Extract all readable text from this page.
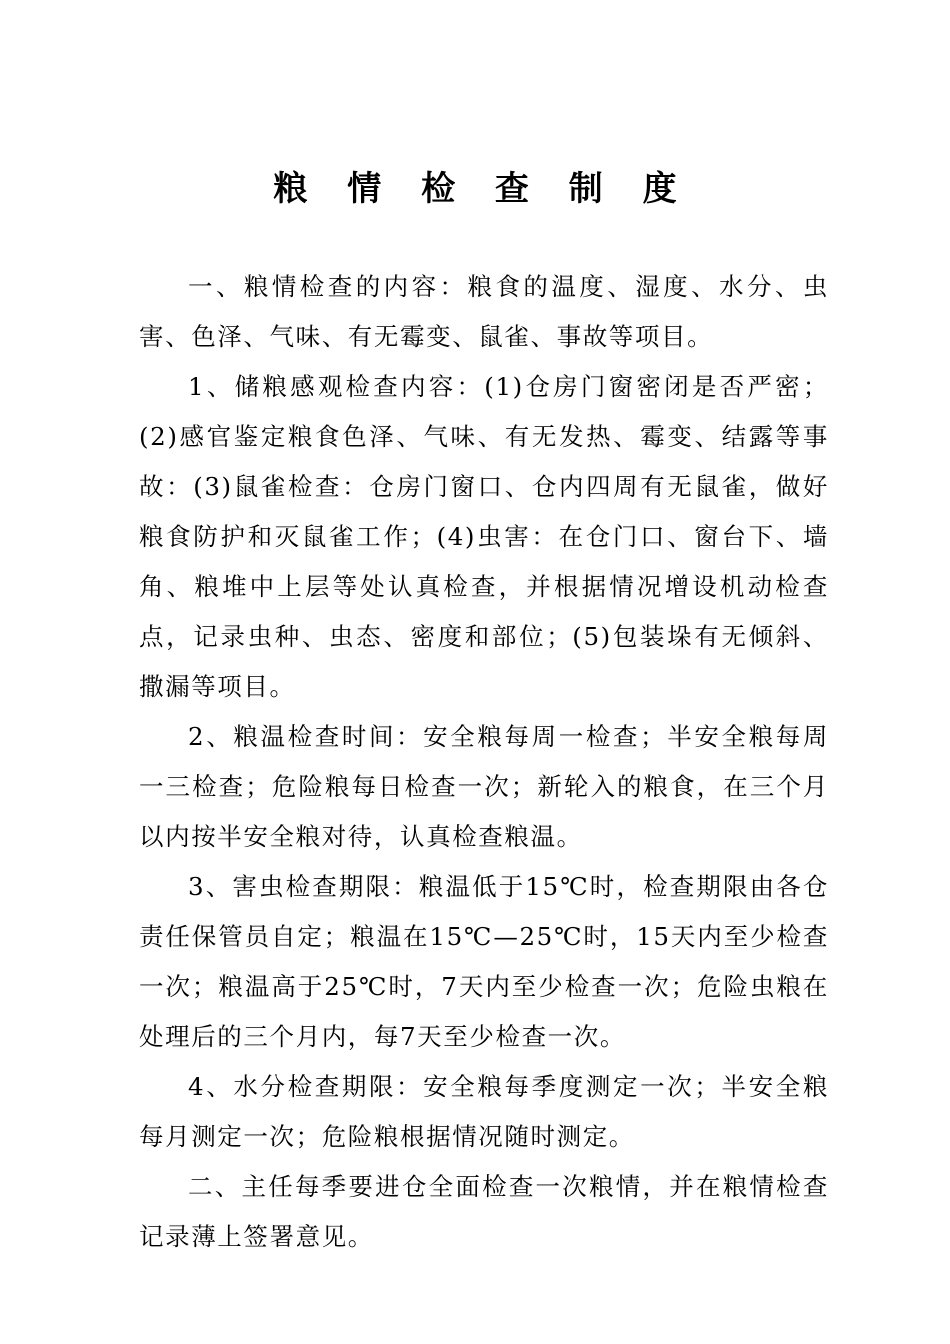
粮 情 检 查 制 度

一、粮情检查的内容：粮食的温度、湿度、水分、虫害、色泽、气味、有无霉变、鼠雀、事故等项目。

1、储粮感观检查内容：(1)仓房门窗密闭是否严密；(2)感官鉴定粮食色泽、气味、有无发热、霉变、结露等事故：(3)鼠雀检查：仓房门窗口、仓内四周有无鼠雀，做好粮食防护和灭鼠雀工作；(4)虫害：在仓门口、窗台下、墙角、粮堆中上层等处认真检查，并根据情况增设机动检查点，记录虫种、虫态、密度和部位；(5)包装垛有无倾斜、撒漏等项目。

2、粮温检查时间：安全粮每周一检查；半安全粮每周一三检查；危险粮每日检查一次；新轮入的粮食，在三个月以内按半安全粮对待，认真检查粮温。

3、害虫检查期限：粮温低于15℃时，检查期限由各仓责任保管员自定；粮温在15℃—25℃时，15天内至少检查一次；粮温高于25℃时，7天内至少检查一次；危险虫粮在处理后的三个月内，每7天至少检查一次。

4、水分检查期限：安全粮每季度测定一次；半安全粮每月测定一次；危险粮根据情况随时测定。

二、主任每季要进仓全面检查一次粮情，并在粮情检查记录薄上签署意见。
